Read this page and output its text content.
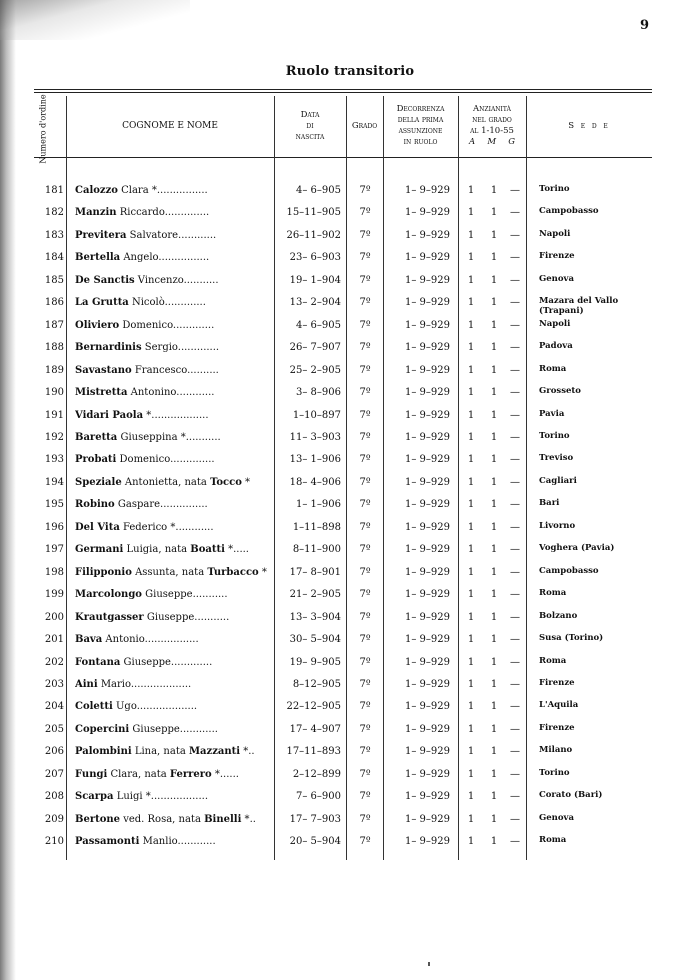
9
Ruolo transitorio
Numero d'ordine	COGNOME E NOME
Data
di
nascita
Grado
Decorrenza
della prima
assunzione
in ruolo
Anzianità
nel grado
al 1-10-55
A M G
S e d e
181 Calozzo Clara *................	4– 6–905	7º	1– 9–929 1 1	—	Torino
182 Manzin Riccardo..............	15–11–905	7º	1– 9–929 1 1	—	Campobasso
183 Previtera Salvatore............	26–11–902	7º	1– 9–929 1 1	—	Napoli
184 Bertella Angelo................	23– 6–903	7º	1– 9–929 1 1	—	Firenze
185 De Sanctis Vincenzo...........	19– 1–904	7º	1– 9–929 1 1	—	Genova
186 La Grutta Nicolò.............	13– 2–904	7º	1– 9–929 1 1	—	Mazara del Vallo (Trapani)
187 Oliviero Domenico.............	4– 6–905	7º	1– 9–929 1 1	—	Napoli
188 Bernardinis Sergio.............	26– 7–907	7º	1– 9–929 1 1	—	Padova
189 Savastano Francesco..........	25– 2–905	7º	1– 9–929 1 1	—	Roma
190 Mistretta Antonino............	3– 8–906	7º	1– 9–929 1 1	—	Grosseto
191 Vidari Paola *..................	1–10–897	7º	1– 9–929 1 1	—	Pavia
192 Baretta Giuseppina *...........	11– 3–903	7º	1– 9–929 1 1	—	Torino
193 Probati Domenico..............	13– 1–906	7º	1– 9–929 1 1	—	Treviso
194 Speziale Antonietta, nata Tocco *	18– 4–906	7º	1– 9–929 1 1	—	Cagliari
195 Robino Gaspare...............	1– 1–906	7º	1– 9–929 1 1	—	Bari
196 Del Vita Federico *............	1–11–898	7º	1– 9–929 1 1	—	Livorno
197 Germani Luigia, nata Boatti *.....	8–11–900	7º	1– 9–929 1 1	—	Voghera (Pavia)
198 Filipponio Assunta, nata Turbacco *	17– 8–901	7º	1– 9–929 1 1	—	Campobasso
199 Marcolongo Giuseppe...........	21– 2–905	7º	1– 9–929 1 1	—	Roma
200 Krautgasser Giuseppe...........	13– 3–904	7º	1– 9–929 1 1	—	Bolzano
201 Bava Antonio.................	30– 5–904	7º	1– 9–929 1 1	—	Susa (Torino)
202 Fontana Giuseppe.............	19– 9–905	7º	1– 9–929 1 1	—	Roma
203 Aini Mario...................	8–12–905	7º	1– 9–929 1 1	—	Firenze
204 Coletti Ugo...................	22–12–905	7º	1– 9–929 1 1	—	L'Aquila
205 Copercini Giuseppe............	17– 4–907	7º	1– 9–929 1 1	—	Firenze
206 Palombini Lina, nata Mazzanti *..	17–11–893	7º	1– 9–929 1 1	—	Milano
207 Fungi Clara, nata Ferrero *......	2–12–899	7º	1– 9–929 1 1	—	Torino
208 Scarpa Luigi *..................	7– 6–900	7º	1– 9–929 1 1	—	Corato (Bari)
209 Bertone ved. Rosa, nata Binelli *..	17– 7–903	7º	1– 9–929 1 1	—	Genova
210 Passamonti Manlio............	20– 5–904	7º	1– 9–929 1 1	—	Roma
